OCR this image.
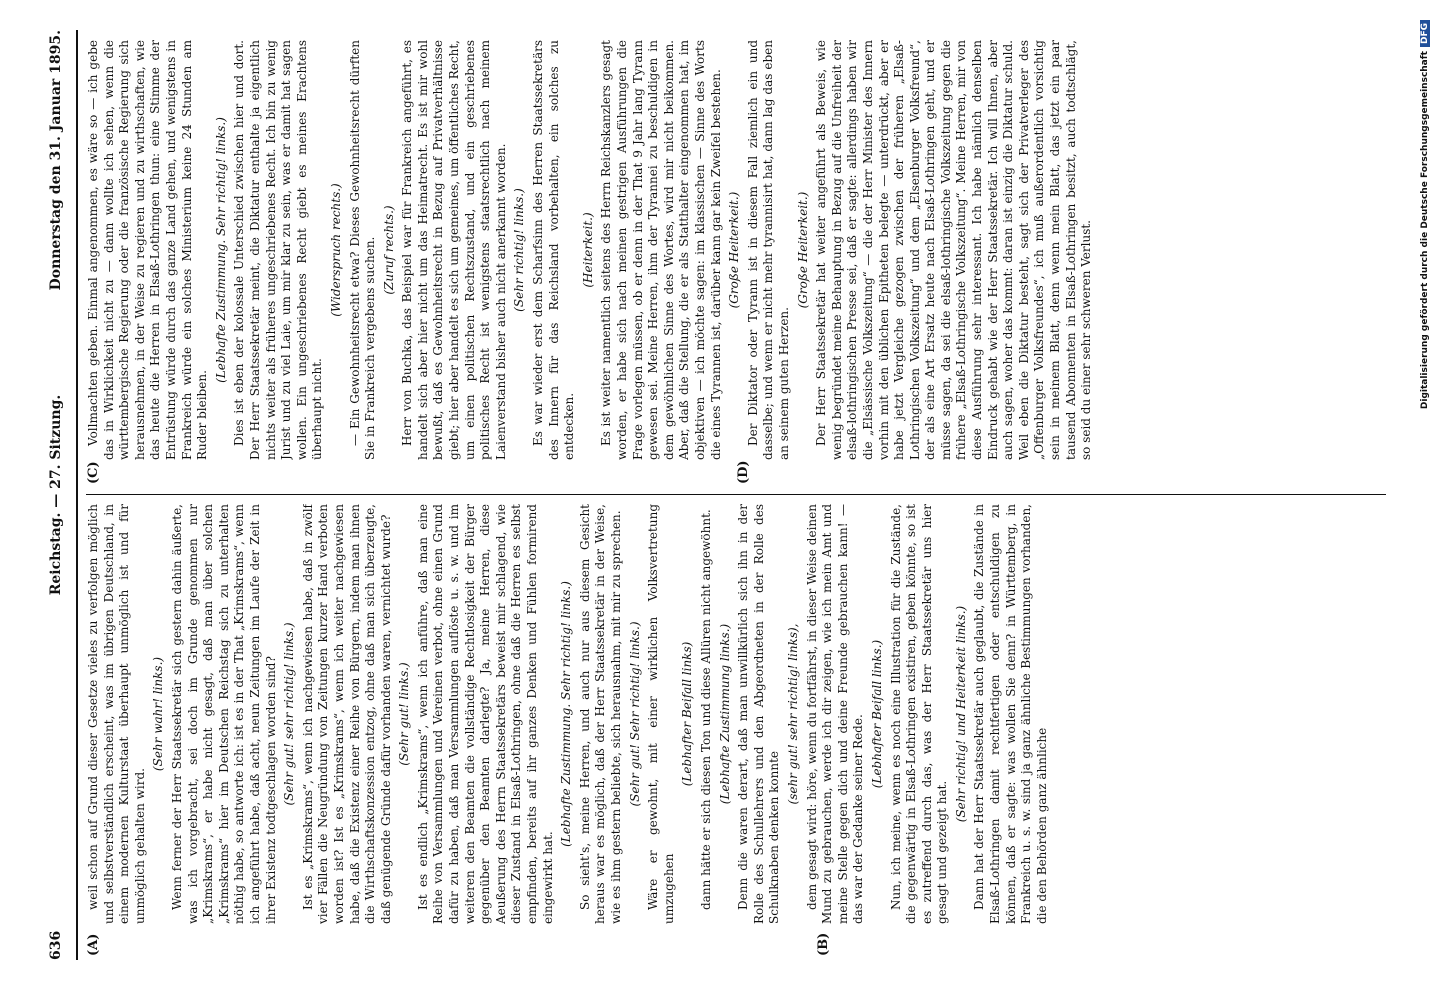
636
Reichstag. — 27. Sitzung.
Donnerstag den 31. Januar 1895.
(A)	(B)
(C)	(D)

weil schon auf Grund dieser Gesetze vieles zu verfolgen möglich und selbstverständlich erscheint, was im übrigen Deutschland, in einem modernen Kulturstaat überhaupt unmöglich ist und für unmöglich gehalten wird.

(Sehr wahr! links.) Wenn ferner der Herr Staatssekretär sich gestern dahin äußerte, was ich vorgebracht, sei doch im Grunde genommen nur „Krimskrams“, er habe nicht gesagt, daß man über solchen „Krimskrams“ hier im Deutschen Reichstag sich zu unterhalten nöthig habe, so antworte ich: ist es in der That „Krimskrams“, wenn ich angeführt habe, daß acht, neun Zeitungen im Laufe der Zeit in ihrer Existenz todtgeschlagen worden sind? (Sehr gut! sehr richtig! links.) Ist es „Krimskrams“, wenn ich nachgewiesen habe, daß in zwölf vier Fällen die Neugründung von Zeitungen kurzer Hand verboten worden ist? Ist es „Krimskrams“, wenn ich weiter nachgewiesen habe, daß die Existenz einer Reihe von Bürgern, indem man ihnen die Wirthschaftskonzession entzog, ohne daß man sich überzeugte, daß genügende Gründe dafür vorhanden waren, vernichtet wurde? (Sehr gut! links.) Ist es endlich „Krimskrams“, wenn ich anführe, daß man eine Reihe von Versammlungen und Vereinen verbot, ohne einen Grund dafür zu haben, daß man Versammlungen auflöste u. s. w. und im weiteren den Beamten die vollständige Rechtlosigkeit der Bürger gegenüber den Beamten darlegte? Ja, meine Herren, diese Aeußerung des Herrn Staatssekretärs beweist mir schlagend, wie dieser Zustand in Elsaß-Lothringen, ohne daß die Herren es selbst empfinden, bereits auf ihr ganzes Denken und Fühlen formirend eingewirkt hat.

(Lebhafte Zustimmung. Sehr richtig! links.) So sieht's, meine Herren, und auch nur aus diesem Gesicht heraus war es möglich, daß der Herr Staatssekretär in der Weise, wie es ihm gestern beliebte, sich herausnahm, mit mir zu sprechen. (Sehr gut! Sehr richtig! links.) Wäre er gewohnt, mit einer wirklichen Volksvertretung umzugehen

(Lebhafter Beifall links) dann hätte er sich diesen Ton und diese Allüren nicht angewöhnt. (Lebhafte Zustimmung links.) Denn die waren derart, daß man unwillkürlich sich ihn in der Rolle des Schullehrers und den Abgeordneten in der Rolle des Schulknaben denken konnte

(sehr gut! sehr richtig! links), dem gesagt wird: höre, wenn du fortfährst, in dieser Weise deinen Mund zu gebrauchen, werde ich dir zeigen, wie ich mein Amt und meine Stelle gegen dich und deine Freunde gebrauchen kann! — das war der Gedanke seiner Rede.

(Lebhafter Beifall links.) Nun, ich meine, wenn es noch eine Illustration für die Zustände, die gegenwärtig in Elsaß-Lothringen existiren, geben könnte, so ist es zutreffend durch das, was der Herr Staatssekretär uns hier gesagt und gezeigt hat.

(Sehr richtig! und Heiterkeit links.) Dann hat der Herr Staatssekretär auch geglaubt, die Zustände in Elsaß-Lothringen damit rechtfertigen oder entschuldigen zu können, daß er sagte: was wollen Sie denn? in Württemberg, in Frankreich u. s. w. sind ja ganz ähnliche Bestimmungen vorhanden, die den Behörden ganz ähnliche

Vollmachten geben. Einmal angenommen, es wäre so — ich gebe das in Wirklichkeit nicht zu — dann wollte ich sehen, wenn die württembergische Regierung oder die französische Regierung sich herausnehmen, in der Weise zu regieren und zu wirthschaften, wie das heute die Herren in Elsaß-Lothringen thun: eine Stimme der Entrüstung würde durch das ganze Land gehen, und wenigstens in Frankreich würde ein solches Ministerium keine 24 Stunden am Ruder bleiben.

(Lebhafte Zustimmung. Sehr richtig! links.) Dies ist eben der kolossale Unterschied zwischen hier und dort. Der Herr Staatssekretär meint, die Diktatur enthalte ja eigentlich nichts weiter als früheres ungeschriebenes Recht. Ich bin zu wenig Jurist und zu viel Laie, um mir klar zu sein, was er damit hat sagen wollen. Ein ungeschriebenes Recht giebt es meines Erachtens überhaupt nicht.

(Widerspruch rechts.) — Ein Gewohnheitsrecht etwa? Dieses Gewohnheitsrecht dürften Sie in Frankreich vergebens suchen. (Zuruf rechts.) Herr von Buchka, das Beispiel war für Frankreich angeführt, es handelt sich aber hier nicht um das Heimatrecht. Es ist mir wohl bewußt, daß es Gewohnheitsrecht in Bezug auf Privatverhältnisse giebt; hier aber handelt es sich um gemeines, um öffentliches Recht, um einen politischen Rechtszustand, und ein geschriebenes politisches Recht ist wenigstens staatsrechtlich nach meinem Laienverstand bisher auch nicht anerkannt worden. (Sehr richtig! links.) Es war wieder erst dem Scharfsinn des Herren Staatssekretärs des Innern für das Reichsland vorbehalten, ein solches zu entdecken.

(Heiterkeit.) Es ist weiter namentlich seitens des Herrn Reichskanzlers gesagt worden, er habe sich nach meinen gestrigen Ausführungen die Frage vorlegen müssen, ob er denn in der That 9 Jahr lang Tyrann gewesen sei. Meine Herren, ihm der Tyrannei zu beschuldigen in dem gewöhnlichen Sinne des Wortes, wird mir nicht beikommen. Aber, daß die Stellung, die er als Statthalter eingenommen hat, im objektiven — ich möchte sagen: im klassischen — Sinne des Worts die eines Tyrannen ist, darüber kann gar kein Zweifel bestehen. (Große Heiterkeit.) Der Diktator oder Tyrann ist in diesem Fall ziemlich ein und dasselbe; und wenn er nicht mehr tyrannisirt hat, dann lag das eben an seinem guten Herzen.

(Große Heiterkeit.) Der Herr Staatssekretär hat weiter angeführt als Beweis, wie wenig begründet meine Behauptung in Bezug auf die Unfreiheit der elsaß-lothringischen Presse sei, daß er sagte: allerdings haben wir die „Elsässische Volkszeitung“ — die der Herr Minister des Innern vorhin mit den üblichen Epitheten belegte — unterdrückt, aber er habe jetzt Vergleiche gezogen zwischen der früheren „Elsaß-Lothringischen Volkszeitung“ und dem „Elsenburger Volksfreund“, der als eine Art Ersatz heute nach Elsaß-Lothringen geht, und er müsse sagen, da sei die elsaß-lothringische Volkszeitung gegen die frühere „Elsaß-Lothringische Volkszeitung“. Meine Herren, mir von diese Ausführung sehr interessant. Ich habe nämlich denselben Eindruck gehabt wie der Herr Staatssekretär. Ich will Ihnen, aber auch sagen, woher das kommt: daran ist einzig die Diktatur schuld. Weil eben die Diktatur besteht, sagt sich der Privatverleger des „Offenburger Volksfreundes“, ich muß außerordentlich vorsichtig sein in meinem Blatt, denn wenn mein Blatt, das jetzt ein paar tausend Abonnenten in Elsaß-Lothringen besitzt, auch todtschlägt, so seid du einer sehr schweren Verlust.	Digitalisierung gefördert durch die Deutsche ForschungsgemeinschaftDFG
